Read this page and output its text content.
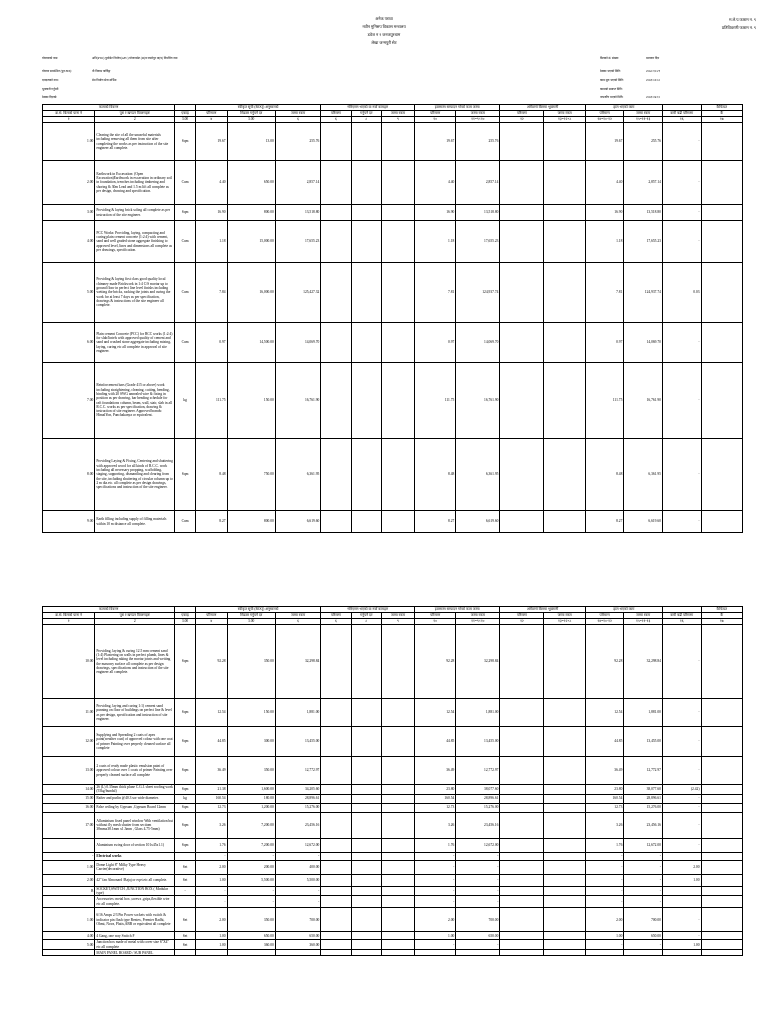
अनेक परावा
नवीन मुनिसप विकास मन्त्रालय
डवेज न २ जनकपुरधाम
लेखा जन्मपुरी सेट
म.ले.प.फाराम न. ९
प्रतिविवरणी फाराम न. ९
योजनाको नाम:	अनि(PTO) पुर्नासेट निर्माण(AFC) योजनासेट (अ)ब जसरेपुर मा(प) निर्धारीत नाम
योजना सम्मन्धित (पुन ठाउ):	नी निवास पार्किङ्ग
दरदाताको नाम:	प्रेम निर्माण सेवा सर्भिस
भुक्तानी गर्नुपर्ने:
ठेक्का दिएको:
बिलको सं. संख्या:	मलावार दिय
ठेक्का भएको मिति:	२०७८/१०/२९
काम सुरु भएको मिति:	२०७९/०२/०८
कामको समाप्त मिति:
नापजाँच भएको मिति:	२०७९/०४/१८
कामको विवरण			स्वीकृत सूची (BOQ) अनुसारको			भेरिएसन भएको वा नयाँ कामहरु			हालसम्म सम्पादन गरेको काम जम्मा		अघिल्लो बिलमा भुक्तानी		हाल भएको काम			कैफियत
क्र.सं. बिलको पाना नं	पुरा र खण्डन विवरणहरु	एकाइ	परिमाण	सिडबर गर्नुपर्ने दर	जम्मा रकम	परिमाण	गर्नुपर्ने दर	जम्मा रकम	परिमाण	जम्मा रकम	परिमाण	जम्मा रकम	परिमाण	जम्मा रकम	कमी बढी परिमाण	कै
१	2	3.00	४	3.00	६	६	८	९	१०	११=९×१०	१२	१३=१२×८	१४=१०-१२	१५=११-१३	१६	१७
1.00	Clearing the site of all the unuseful materials including removing all them from site after completing the works as per instruction of the site engineer all complete.	Sqm	19.67	13.00	255.76				19.67	255.76			19.67	255.76	-	
2.00	Earthwork in Excavation: (Open Excavation)Earthwork in excavation in ordinary soil in foundation, trenches including timbering and shoring & 30m Lead and 1.5 m lift all complete as per design, drawing and specification.	Cum	4.40	650.00	2,857.14				4.40	2,857.14			4.40	2,857.14	-	
3.00	Providing & laying brick soling all complete as per instruction of the site engineer.	Sqm	16.90	800.00	13,518.80				16.90	13,518.80			16.90	13,518.80	-	
4.00	PCC Works: Providing, laying, compacting and curing plain cement concrete (1:2:4) with cement, sand and well graded stone aggregate finishing to approved level, lines and dimensions all complete as per drawings, specification.	Cum	1.18	15,000.00	17,655.23				1.18	17,655.23			1.18	17,655.23	-	
5.00	Providing & laying first class good quality local chimney made Brickwork in 1:4 C/S mortar up to ground floor in perfect line level finishs including wetting the bricks, racking the joints and curing the work for at least 7 days as per specification, drawings & instructions of the site engineer all complete.	Cum	7.84	16,000.00	125,427.32				7.81	124,937.74			7.81	124,937.74	0.03	
6.00	Plain cement Concrete (PCC) for RCC works (1:2:4) for slab/lintels with approved quality of cement and sand and crushed stone aggregate including mixing, laying, curing etc all complete in approval of site engineer.	Cum	0.97	14,500.00	14,069.70				0.97	14,069.70			0.97	14,069.70	-	
7.00	Reinforcement bars (Grade 415 or above) work including straightening, cleaning, cutting, bending, binding with 20 SWG annealed wire & fixing in position as per drawing, bar bending schedule for raft foundations column, beam, wall, stair, slab in all R.C.C. works as per specification, drawing & instruction of site engineer. Approved brands: HimalYon, Panchakanya or equivalent.	kg	111.75	150.00	16,761.90				111.75	16,761.90			111.75	16,761.90	-	
8.00	Providing Laying & Fixing, Centering and shuttering with approved wood for all kinds of R.C.C. work including all necessary propping, scaffolding, staging, supporting, dismantling and clearing from the site, including shuttering of circular column up to 2 m dia.etc. all complete as per design drawings, specifications and instruction of the site engineer.	Sqm	8.48	750.00	6,361.95				8.48	6,361.95			8.48	6,361.95	-	
9.00	Earth filling including supply of filling materials within 10 m distance all complete.	Cum	8.27	800.00	6,619.60				8.27	6,619.60			8.27	6,619.60	-	
कामको विवरण			स्वीकृत सूची (BOQ) अनुसारको			भेरिएसन भएको वा नयाँ कामहरु			हालसम्म सम्पादन गरेको काम जम्मा		अघिल्लो बिलमा भुक्तानी		हाल भएको काम			कैफियत
क्र.सं. बिलको पाना नं	पुरा र खण्डन विवरणहरु	एकाइ	परिमाण	सिडबर गर्नुपर्ने दर	जम्मा रकम	परिमाण	गर्नुपर्ने दर	जम्मा रकम	परिमाण	जम्मा रकम	परिमाण	जम्मा रकम	परिमाण	जम्मा रकम	कमी बढी परिमाण	कै
१	2	3.00	४	3.00	६	६	८	९	१०	११=९×१०	१२	१३=१२×८	१४=१०-१२	१५=११-१३	१६	१७
10.00	Providing, laying & curing 12.5 mm cement sand (1:4) Plastering on walls in perfect plumb, lines & level including raking the mortar joints and wetting the masonry surface all complete as per design drawings, specifications and instruction of the site engineer all complete.	Sqm	92.28	350.00	32,298.84				92.28	32,298.84			92.28	32,298.84	-	
11.00	Providing, laying and curing 1:1) cement sand punning on floor of buildings on perfect line & level as per design, specification and instruction of site engineer.	Sqm	12.54	150.00	1,881.00				12.54	1,881.00			12.54	1,881.00	-	
12.00	Supplying and Spreading 2 coats of apex paint(weather coat) of approved colour with one coat of primer Painting over perperly cleaned surface all complete	Sqm	44.85	300.00	13,455.00				44.85	13,455.00			44.85	13,455.00	-	
13.00	2 coats of ready made plastic emulsion paint of approved colour over 1 coats of primer Painting over perperly cleaned surface all complete	Sqm	36.49	350.00	12,772.97				36.49	12,772.97			36.49	12,772.97	-	
14.00	26 (L) 0.35mm thick plane C.G.I. sheet roofing work (55kg/bundal)	Sqm	21.38	1,600.00	34,205.60				23.80	38,077.60			23.80	38,077.60	(2.42)	
15.00	Rafter and purlin @40.3 sor wide diameter.	kg	160.54	180.00	28,896.61				160.54	28,896.61			160.54	28,896.61	-	
16.00	False ceiling by Gypsum ,Gypsum Board 12mm	Sqm	12.73	1,200.00	15,276.00				12.73	15,276.00			12.73	15,276.00	-	
17.00	Alluminium fixed panel window With ventilation but without fly mesh shutter from sectiom 38mmx38.1mm x1.3mm , Glass 4.75-5mm)	Sqm	3.26	7,200.00	23,456.16				3.26	23,456.16			3.26	23,456.16	-	
	Aluminium swing door of section 101x45x1.1)	Sqm	1.76	7,200.00	12,672.00				1.76	12,672.00			1.76	12,672.00	-	
-	Electrical works		-	-	-				-	-			-	-		
1.00	Dome Light 8" Milky Type Heavy Carrier(decorative)	Set	2.00	200.00	400.00				-	-			-	-	2.00	
2.00	42" fan Almonard /Bajaj or eqvt.etc all complete.	Set	1.00	5,500.00	5,500.00				-	-			-	-	1.00	
B	SOCKET,SWITCH ,JUNCTION BOX ( Modular type)	-	-	-	-				-	-			-	-		
	Accessories: metal box ,screws ,grips,flexible wire etc all complete.		-	-	-				-	-			-	-		
1.00	6/16 Amps 2/3 Pin Power sockets with switch & indicator pin flush type Bentex, Premier Radhi, Ohmi, Nova, Platis,ABB or equivalent all complete	Set	2.00	350.00	700.00				2.00	700.00			2.00	700.00	-	
4.00	4 Gang, one way Switch F	Set	1.00	650.00	650.00				1.00	650.00			1.00	650.00	-	
5.00	Junction box made of metal with cover size 6"X4" etc all complete	Set	1.00	360.00	360.00				-	-			-	-	1.00	
	MAIN PANEL BOARD / SUB PANEL															
